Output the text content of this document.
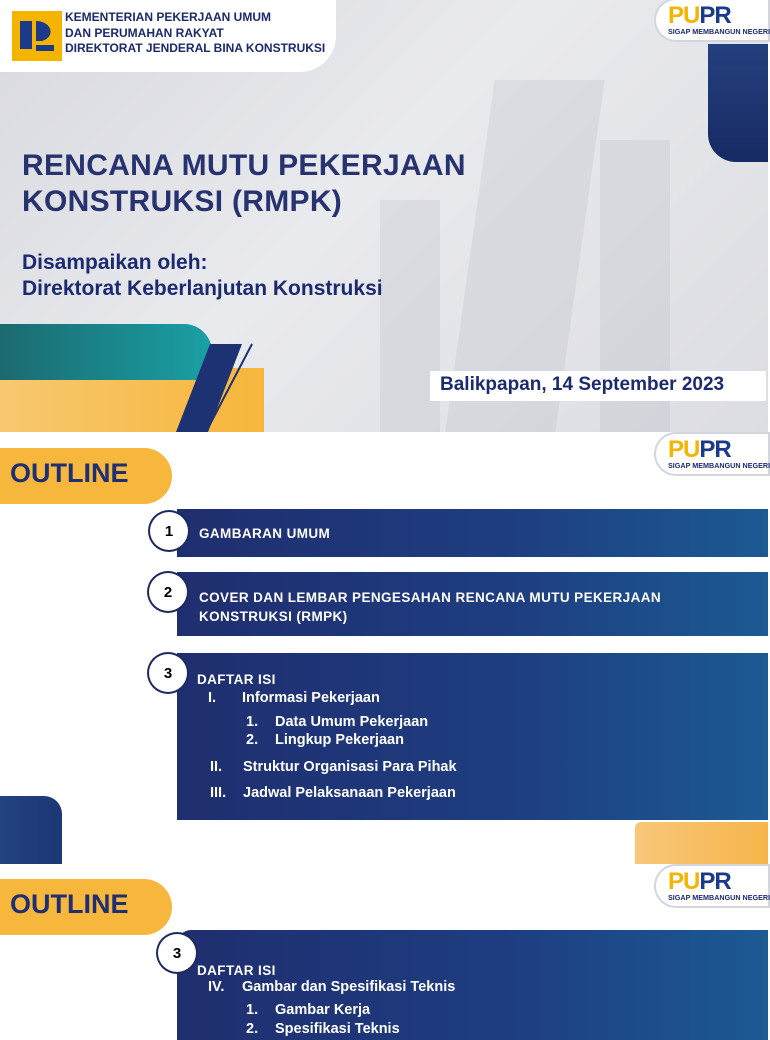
KEMENTERIAN PEKERJAAN UMUM
DAN PERUMAHAN RAKYAT
DIREKTORAT JENDERAL BINA KONSTRUKSI
PUPR
SIGAP MEMBANGUN NEGERI
RENCANA MUTU PEKERJAAN
KONSTRUKSI (RMPK)
Disampaikan oleh:
Direktorat Keberlanjutan Konstruksi
Balikpapan, 14 September 2023
OUTLINE
PUPR
SIGAP MEMBANGUN NEGERI
GAMBARAN UMUM
1
COVER DAN LEMBAR PENGESAHAN RENCANA MUTU PEKERJAAN
KONSTRUKSI (RMPK)
2
DAFTAR ISI
I. Informasi Pekerjaan
1. Data Umum Pekerjaan
2. Lingkup Pekerjaan
II. Struktur Organisasi Para Pihak
III. Jadwal Pelaksanaan Pekerjaan
3
OUTLINE
PUPR
SIGAP MEMBANGUN NEGERI
DAFTAR ISI
IV. Gambar dan Spesifikasi Teknis
1. Gambar Kerja
2. Spesifikasi Teknis
3
